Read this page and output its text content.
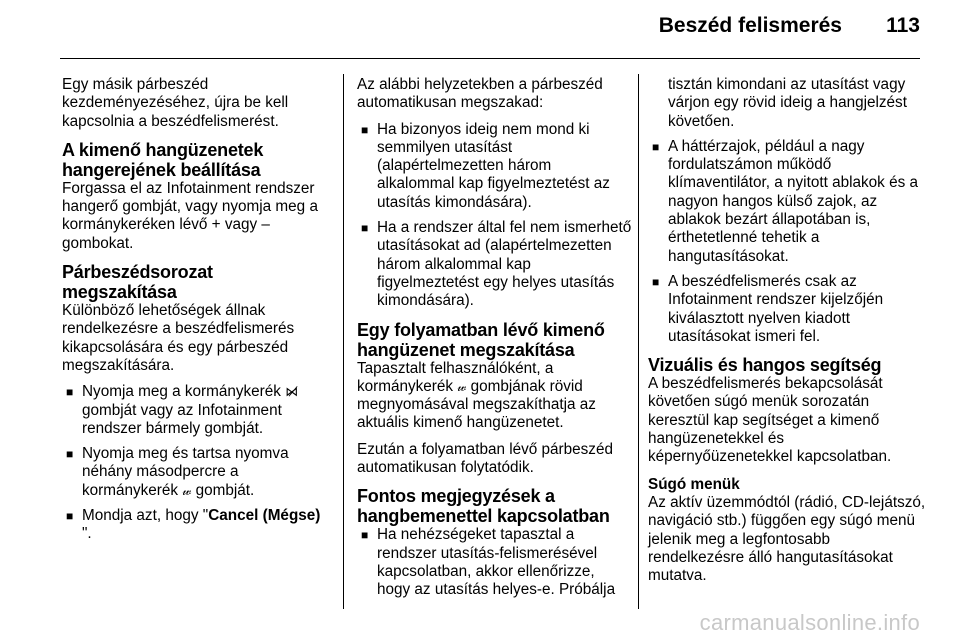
Beszéd felismerés 113

Egy másik párbeszéd kezdeményezéséhez, újra be kell kapcsolnia a beszédfelismerést.

A kimenő hangüzenetek hangerejének beállítása

Forgassa el az Infotainment rendszer hangerő gombját, vagy nyomja meg a kormánykeréken lévő + vagy – gombokat.

Párbeszédsorozat megszakítása

Különböző lehetőségek állnak rendelkezésre a beszédfelismerés kikapcsolására és egy párbeszéd megszakítására.

■ Nyomja meg a kormánykerék ⋈̸ gombját vagy az Infotainment rendszer bármely gombját.
■ Nyomja meg és tartsa nyomva néhány másodpercre a kormánykerék 𝓌 gombját.
■ Mondja azt, hogy "Cancel (Mégse)
".

Az alábbi helyzetekben a párbeszéd automatikusan megszakad:

■ Ha bizonyos ideig nem mond ki semmilyen utasítást (alapértelmezetten három alkalommal kap figyelmeztetést az utasítás kimondására).
■ Ha a rendszer által fel nem ismerhető utasításokat ad (alapértelmezetten három alkalommal kap figyelmeztetést egy helyes utasítás kimondására).
Egy folyamatban lévő kimenő hangüzenet megszakítása

Tapasztalt felhasználóként, a kormánykerék 𝓌 gombjának rövid megnyomásával megszakíthatja az aktuális kimenő hangüzenetet.

Ezután a folyamatban lévő párbeszéd automatikusan folytatódik.

Fontos megjegyzések a hangbemenettel kapcsolatban
■ Ha nehézségeket tapasztal a rendszer utasítás-felismerésével kapcsolatban, akkor ellenőrizze, hogy az utasítás helyes-e. Próbálja

tisztán kimondani az utasítást vagy várjon egy rövid ideig a hangjelzést követően.

■ A háttérzajok, például a nagy fordulatszámon működő klímaventilátor, a nyitott ablakok és a nagyon hangos külső zajok, az ablakok bezárt állapotában is, érthetetlenné tehetik a hangutasításokat.
■ A beszédfelismerés csak az Infotainment rendszer kijelzőjén kiválasztott nyelven kiadott utasításokat ismeri fel.
Vizuális és hangos segítség

A beszédfelismerés bekapcsolását követően súgó menük sorozatán keresztül kap segítséget a kimenő hangüzenetekkel és képernyőüzenetekkel kapcsolatban.

Súgó menük

Az aktív üzemmódtól (rádió, CD-lejátszó, navigáció stb.) függően egy súgó menü jelenik meg a legfontosabb rendelkezésre álló hangutasításokat mutatva.

carmanualsonline.info
